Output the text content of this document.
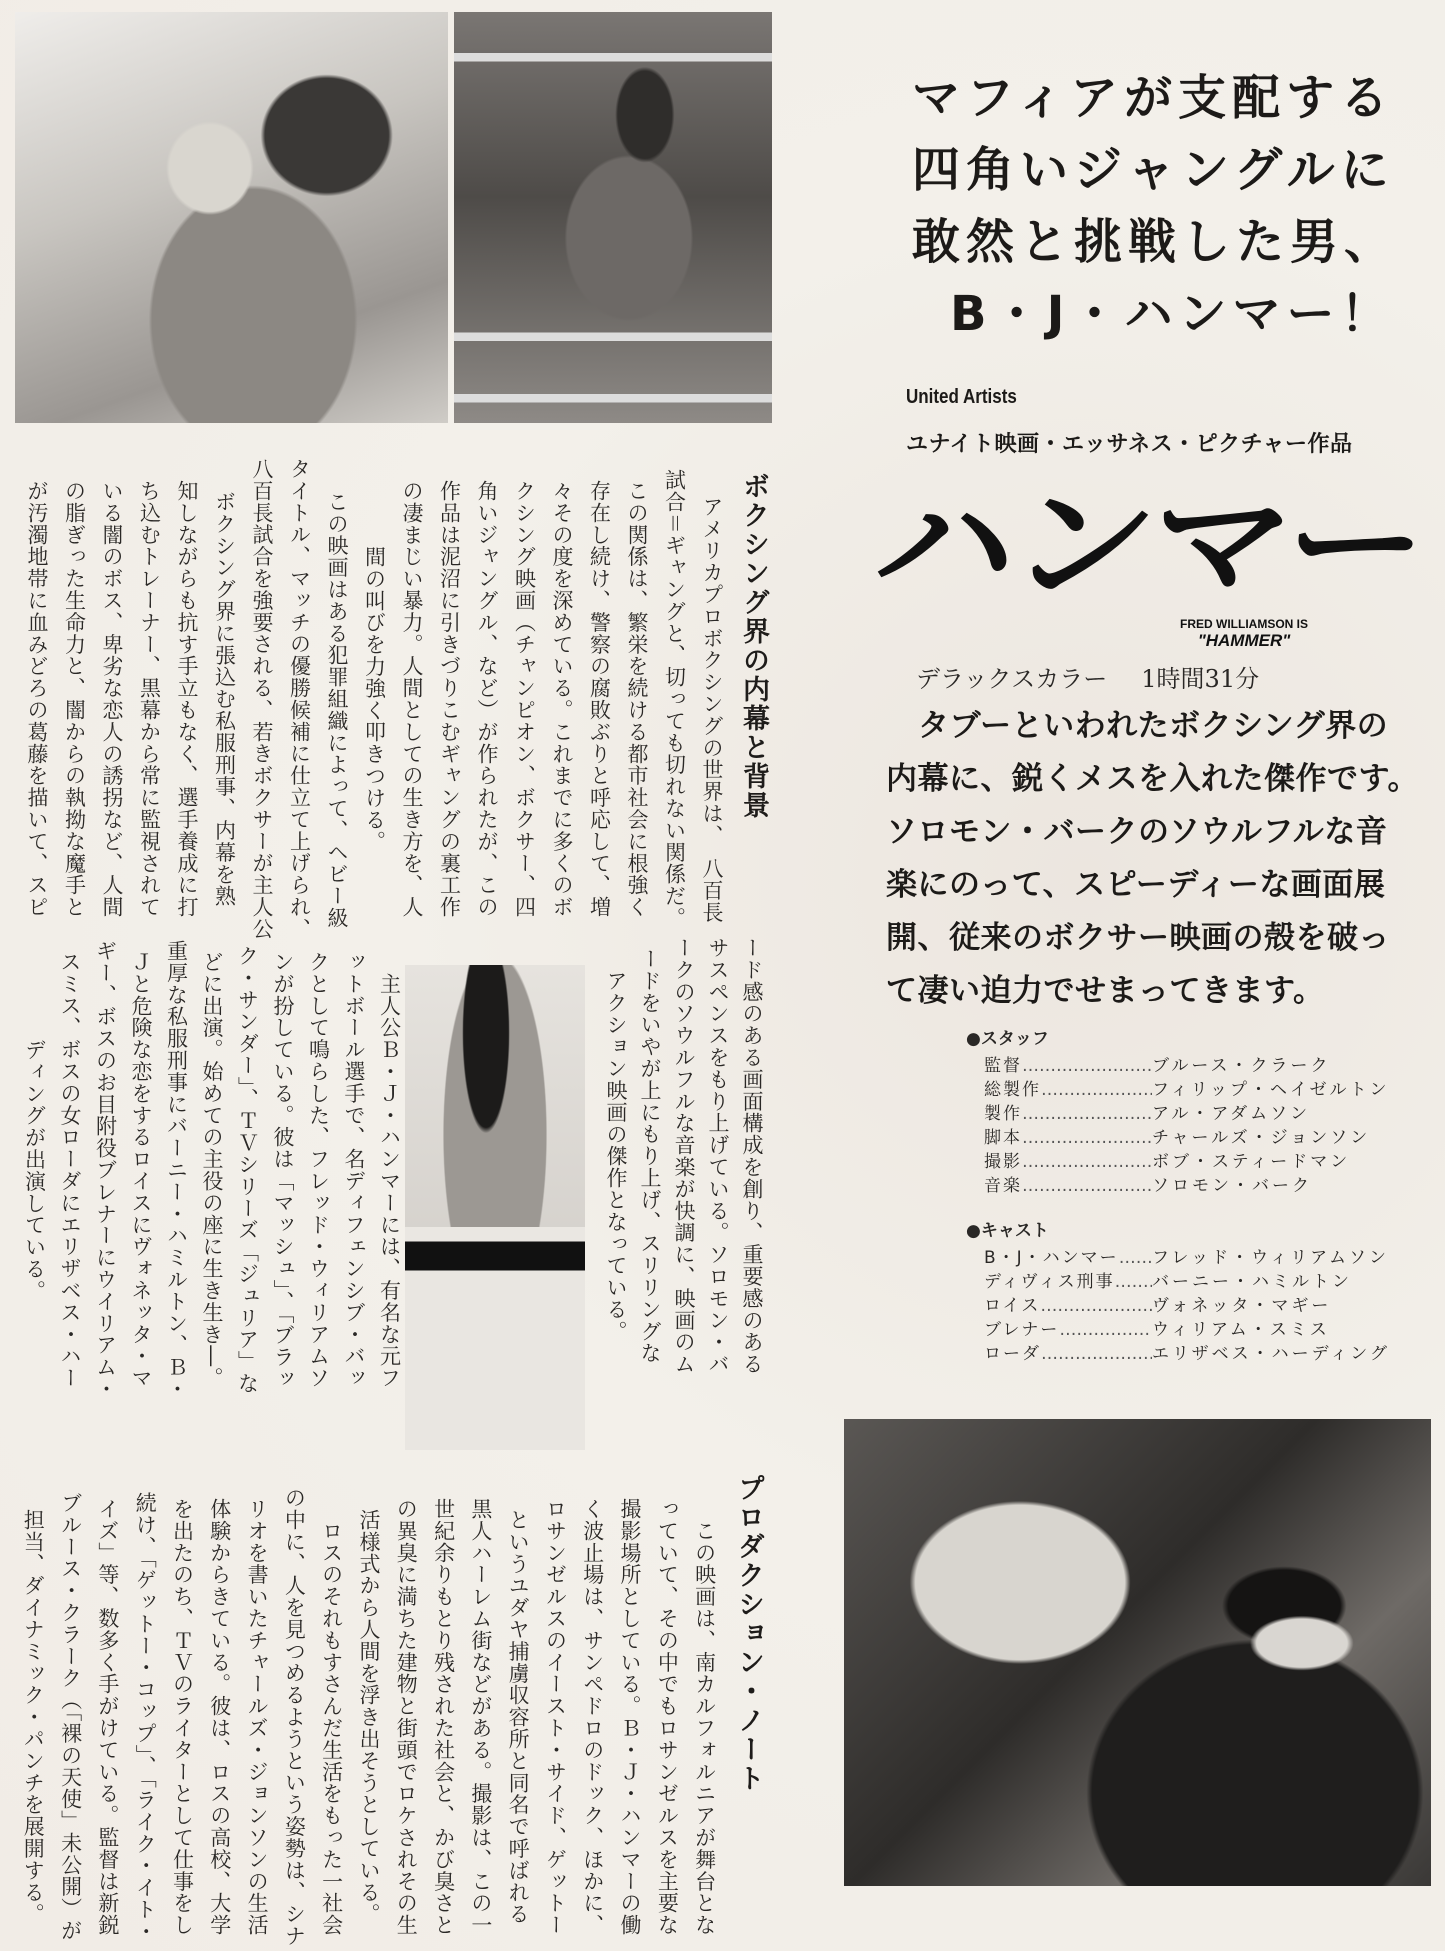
ボクシング界の内幕と背景
　アメリカプロボクシングの世界は、　八百長
試合＝ギャングと、切っても切れない関係だ。
この関係は、繁栄を続ける都市社会に根強く
存在し続け、警察の腐敗ぶりと呼応して、増
々その度を深めている。これまでに多くのボ
クシング映画（チャンピオン、ボクサー、四
角いジャングル、など）が作られたが、この
作品は泥沼に引きづりこむギャングの裏工作
の凄まじい暴力。人間としての生き方を、人
間の叫びを力強く叩きつける。
　この映画はある犯罪組織によって、ヘビー級
タイトル、マッチの優勝候補に仕立て上げられ、
八百長試合を強要される、若きボクサーが主人公
ボクシング界に張込む私服刑事、内幕を熟
知しながらも抗す手立もなく、選手養成に打
ち込むトレーナー、黒幕から常に監視されて
いる闇のボス、卑劣な恋人の誘拐など、人間
の脂ぎった生命力と、闇からの執拗な魔手と
が汚濁地帯に血みどろの葛藤を描いて、スピ
ード感のある画面構成を創り、重要感のある
サスペンスをもり上げている。ソロモン・バ
ークのソウルフルな音楽が快調に、映画のム
ードをいやが上にもり上げ、スリリングな
アクション映画の傑作となっている。
　主人公Ｂ・Ｊ・ハンマーには、有名な元フ
ットボール選手で、名ディフェンシブ・バッ
クとして鳴らした、フレッド・ウィリアムソ
ンが扮している。彼は「マッシュ」、「ブラッ
ク・サンダー」、ＴＶシリーズ「ジュリア」な
どに出演。始めての主役の座に生き生き―。
重厚な私服刑事にバーニー・ハミルトン、Ｂ・
Ｊと危険な恋をするロイスにヴォネッタ・マ
ギー、ボスのお目附役ブレナーにウイリアム・
スミス、ボスの女ローダにエリザベス・ハー
ディングが出演している。
プロダクション・ノート
　この映画は、南カルフォルニアが舞台とな
っていて、その中でもロサンゼルスを主要な
撮影場所としている。Ｂ・Ｊ・ハンマーの働
く波止場は、サンペドロのドック、ほかに、
ロサンゼルスのイースト・サイド、ゲットー
というユダヤ捕虜収容所と同名で呼ばれる
黒人ハーレム街などがある。撮影は、この一
世紀余りもとり残された社会と、かび臭さと
の異臭に満ちた建物と街頭でロケされその生
活様式から人間を浮き出そうとしている。
　ロスのそれもすさんだ生活をもった一社会
の中に、人を見つめるようという姿勢は、シナ
リオを書いたチャールズ・ジョンソンの生活
体験からきている。彼は、ロスの高校、大学
を出たのち、ＴＶのライターとして仕事をし
続け、「ゲットー・コップ」、「ライク・イト・
イズ」等、数多く手がけている。監督は新鋭
ブルース・クラーク（「裸の天使」未公開）が
担当、ダイナミック・パンチを展開する。
マフィアが支配する
四角いジャングルに
敢然と挑戦した男、
B・J・ハンマー！
United Artists
ユナイト映画・エッサネス・ピクチャー作品
ハンマー
FRED WILLIAMSON IS
"HAMMER"
デラックスカラー 1時間31分
タブーといわれたボクシング界の
内幕に、鋭くメスを入れた傑作です。
ソロモン・バークのソウルフルな音
楽にのって、スピーディーな画面展
開、従来のボクサー映画の殻を破っ
て凄い迫力でせまってきます。
●スタッフ
監督 ……………………………………	ブルース・クラーク
総製作 ……………………………………	フィリップ・ヘイゼルトン
製作 ……………………………………	アル・アダムソン
脚本 ……………………………………	チャールズ・ジョンソン
撮影 ……………………………………	ボブ・スティードマン
音楽 ……………………………………	ソロモン・バーク
●キャスト
B・J・ハンマー ……………………………………	フレッド・ウィリアムソン
ディヴィス刑事 ……………………………………	バーニー・ハミルトン
ロイス ……………………………………	ヴォネッタ・マギー
ブレナー ……………………………………	ウィリアム・スミス
ローダ ……………………………………	エリザベス・ハーディング
